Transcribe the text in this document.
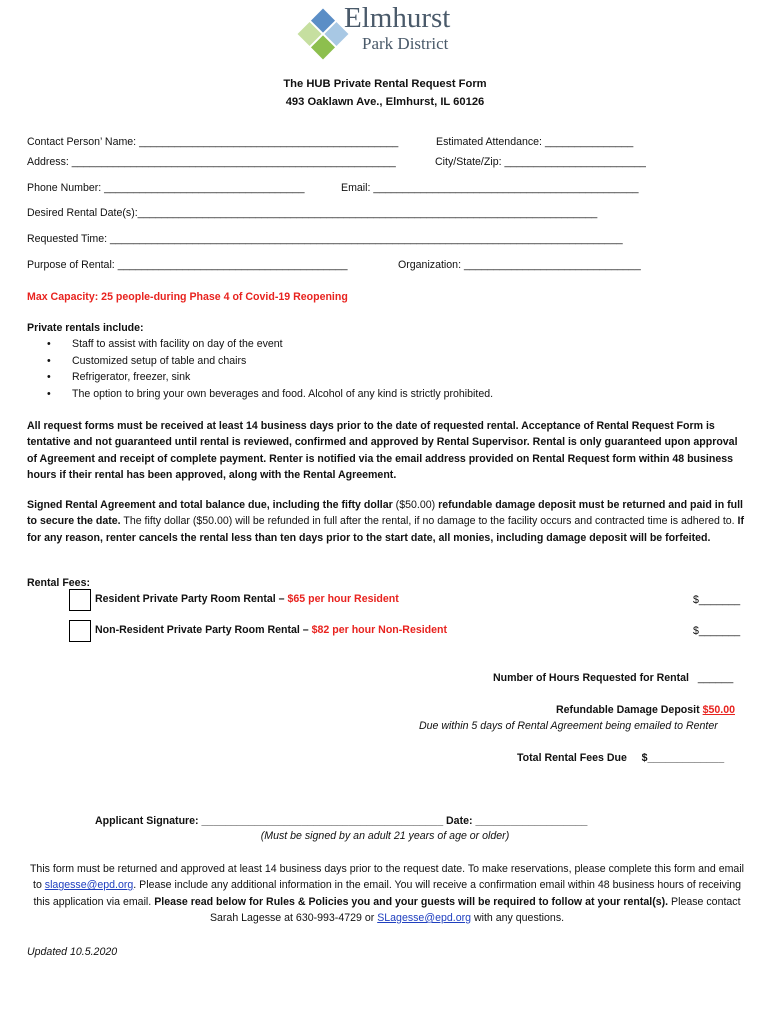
Elmhurst
Park District
The HUB Private Rental Request Form
493 Oaklawn Ave., Elmhurst, IL 60126
Contact Person’ Name: ____________________________________________	Estimated Attendance: _______________
Address: _______________________________________________________	City/State/Zip: ________________________
Phone Number: __________________________________	Email: _____________________________________________
Desired Rental Date(s):______________________________________________________________________________
Requested Time: _______________________________________________________________________________________
Purpose of Rental: _______________________________________	Organization: ______________________________
Max Capacity: 25 people-during Phase 4 of Covid-19 Reopening
Private rentals include:
• Staff to assist with facility on day of the event
• Customized setup of table and chairs
• Refrigerator, freezer, sink
• The option to bring your own beverages and food. Alcohol of any kind is strictly prohibited.
All request forms must be received at least 14 business days prior to the date of requested rental. Acceptance of Rental Request Form is tentative and not guaranteed until rental is reviewed, confirmed and approved by Rental Supervisor. Rental is only guaranteed upon approval of Agreement and receipt of complete payment. Renter is notified via the email address provided on Rental Request form within 48 business hours if their rental has been approved, along with the Rental Agreement.
Signed Rental Agreement and total balance due, including the fifty dollar ($50.00) refundable damage deposit must be returned and paid in full to secure the date. The fifty dollar ($50.00) will be refunded in full after the rental, if no damage to the facility occurs and contracted time is adhered to. If for any reason, renter cancels the rental less than ten days prior to the start date, all monies, including damage deposit will be forfeited.
Rental Fees:
Resident Private Party Room Rental – $65 per hour Resident	$_______
Non-Resident Private Party Room Rental – $82 per hour Non-Resident	$_______
Number of Hours Requested for Rental ______
Refundable Damage Deposit $50.00
Due within 5 days of Rental Agreement being emailed to Renter
Total Rental Fees Due $_____________
Applicant Signature: _________________________________________ Date: ___________________
(Must be signed by an adult 21 years of age or older)
This form must be returned and approved at least 14 business days prior to the request date. To make reservations, please complete this form and email to slagesse@epd.org. Please include any additional information in the email. You will receive a confirmation email within 48 business hours of receiving this application via email. Please read below for Rules & Policies you and your guests will be required to follow at your rental(s). Please contact Sarah Lagesse at 630-993-4729 or SLagesse@epd.org with any questions.
Updated 10.5.2020
